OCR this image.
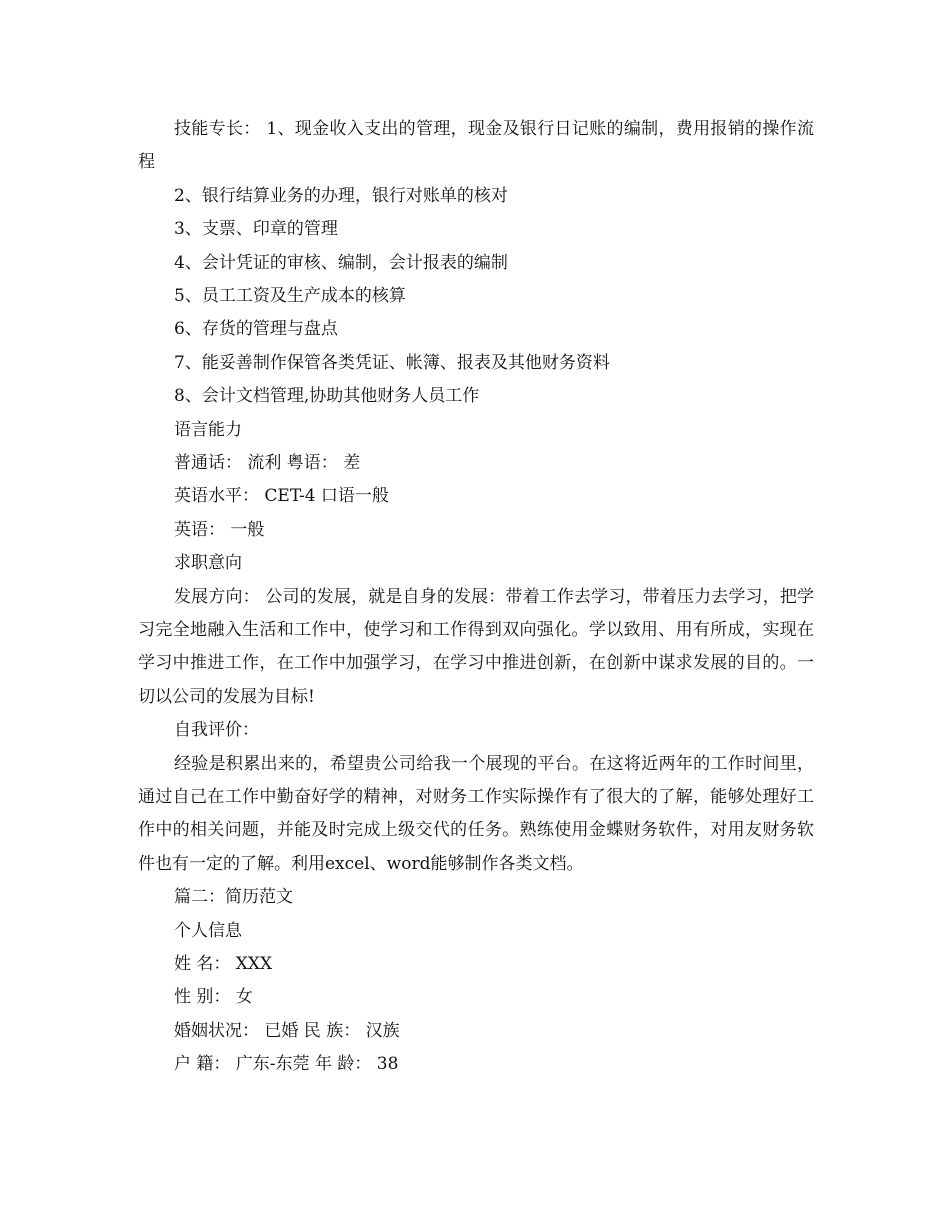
技能专长： 1、现金收入支出的管理，现金及银行日记账的编制，费用报销的操作流程

2、银行结算业务的办理，银行对账单的核对
3、支票、印章的管理
4、会计凭证的审核、编制，会计报表的编制
5、员工工资及生产成本的核算
6、存货的管理与盘点
7、能妥善制作保管各类凭证、帐簿、报表及其他财务资料
8、会计文档管理,协助其他财务人员工作
语言能力
普通话： 流利 粤语： 差
英语水平： CET-4 口语一般
英语： 一般
求职意向

发展方向： 公司的发展，就是自身的发展：带着工作去学习，带着压力去学习，把学习完全地融入生活和工作中，使学习和工作得到双向强化。学以致用、用有所成，实现在学习中推进工作，在工作中加强学习，在学习中推进创新，在创新中谋求发展的目的。一切以公司的发展为目标!

自我评价：

经验是积累出来的，希望贵公司给我一个展现的平台。在这将近两年的工作时间里，通过自己在工作中勤奋好学的精神，对财务工作实际操作有了很大的了解，能够处理好工作中的相关问题，并能及时完成上级交代的任务。熟练使用金蝶财务软件，对用友财务软件也有一定的了解。利用excel、word能够制作各类文档。

篇二：简历范文
个人信息
姓 名： XXX
性 别： 女
婚姻状况： 已婚 民 族： 汉族
户 籍： 广东-东莞 年 龄： 38
